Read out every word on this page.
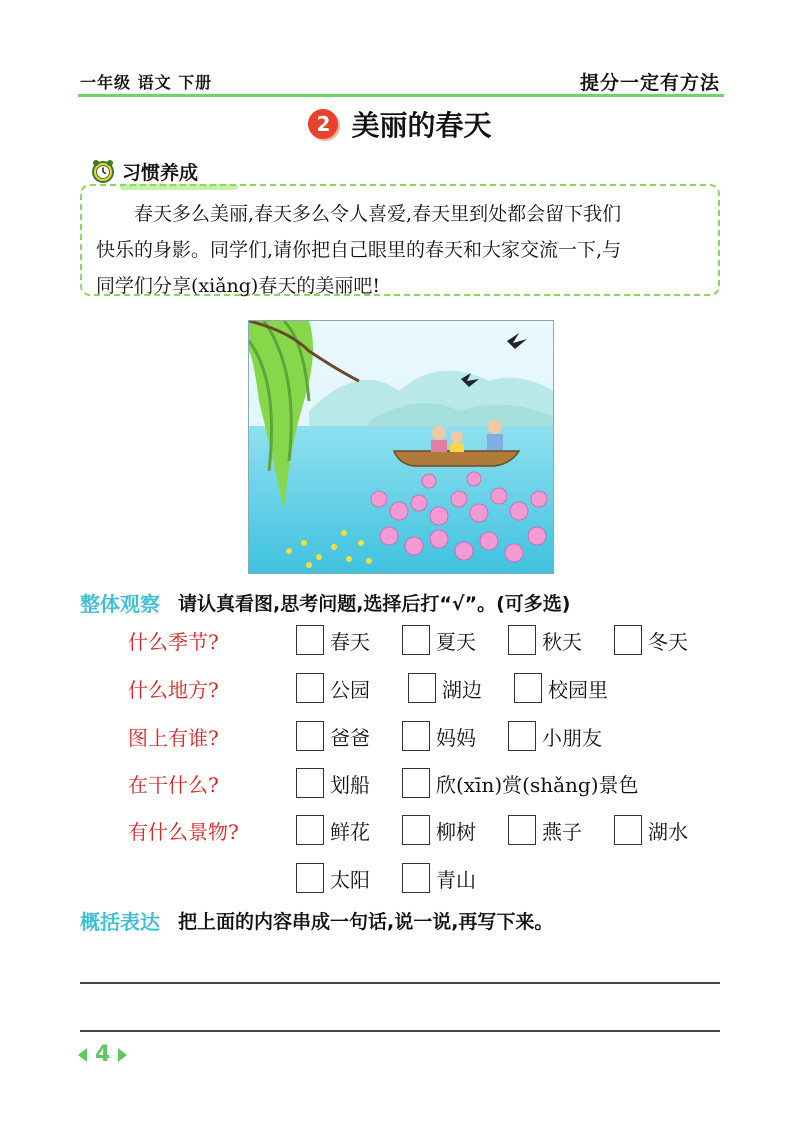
一年级 语文 下册	提分一定有方法
2 美丽的春天
习惯养成

春天多么美丽,春天多么令人喜爱,春天里到处都会留下我们

快乐的身影。同学们,请你把自己眼里的春天和大家交流一下,与
同学们分享(xiǎng)春天的美丽吧!

整体观察 请认真看图,思考问题,选择后打“√”。(可多选)
什么季节?	春天	夏天	秋天	冬天
什么地方?	公园	湖边	校园里
图上有谁?	爸爸	妈妈	小朋友
在干什么?	划船	欣(xīn)赏(shǎng)景色
有什么景物?	鲜花	柳树	燕子	湖水
太阳	青山
概括表达 把上面的内容串成一句话,说一说,再写下来。
4
